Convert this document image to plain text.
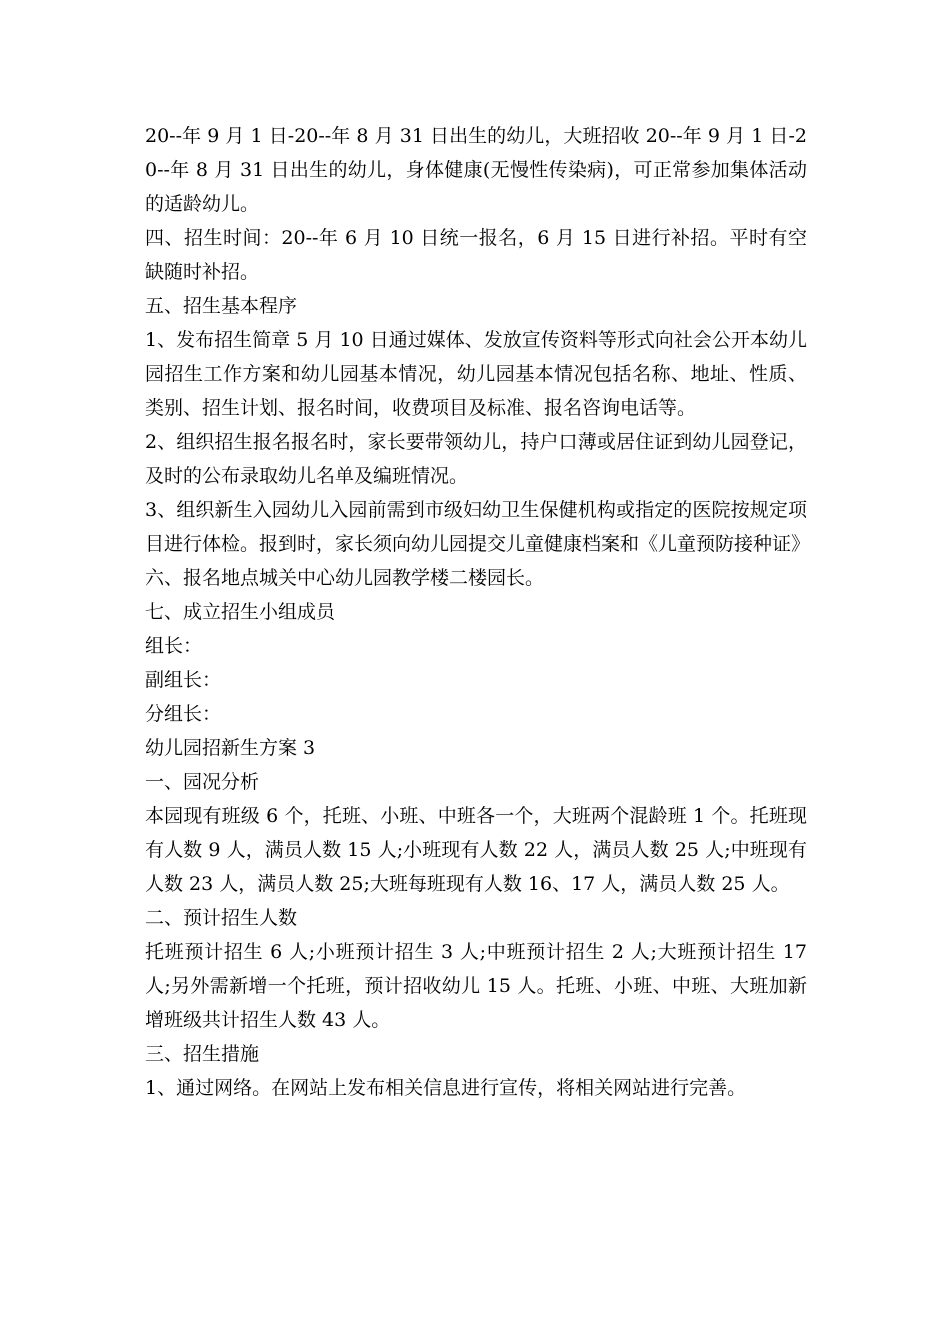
20--年 9 月 1 日-20--年 8 月 31 日出生的幼儿，大班招收 20--年 9 月 1 日-20--年 8 月 31 日出生的幼儿，身体健康(无慢性传染病)，可正常参加集体活动的适龄幼儿。

四、招生时间：20--年 6 月 10 日统一报名，6 月 15 日进行补招。平时有空缺随时补招。

五、招生基本程序

1、发布招生简章 5 月 10 日通过媒体、发放宣传资料等形式向社会公开本幼儿园招生工作方案和幼儿园基本情况，幼儿园基本情况包括名称、地址、性质、类别、招生计划、报名时间，收费项目及标准、报名咨询电话等。

2、组织招生报名报名时，家长要带领幼儿，持户口薄或居住证到幼儿园登记，及时的公布录取幼儿名单及编班情况。

3、组织新生入园幼儿入园前需到市级妇幼卫生保健机构或指定的医院按规定项目进行体检。报到时，家长须向幼儿园提交儿童健康档案和《儿童预防接种证》

六、报名地点城关中心幼儿园教学楼二楼园长。

七、成立招生小组成员

组长：

副组长：

分组长：

幼儿园招新生方案 3

一、园况分析

本园现有班级 6 个，托班、小班、中班各一个，大班两个混龄班 1 个。托班现有人数 9 人，满员人数 15 人;小班现有人数 22 人，满员人数 25 人;中班现有人数 23 人，满员人数 25;大班每班现有人数 16、17 人，满员人数 25 人。

二、预计招生人数

托班预计招生 6 人;小班预计招生 3 人;中班预计招生 2 人;大班预计招生 17 人;另外需新增一个托班，预计招收幼儿 15 人。托班、小班、中班、大班加新增班级共计招生人数 43 人。

三、招生措施

1、通过网络。在网站上发布相关信息进行宣传，将相关网站进行完善。
